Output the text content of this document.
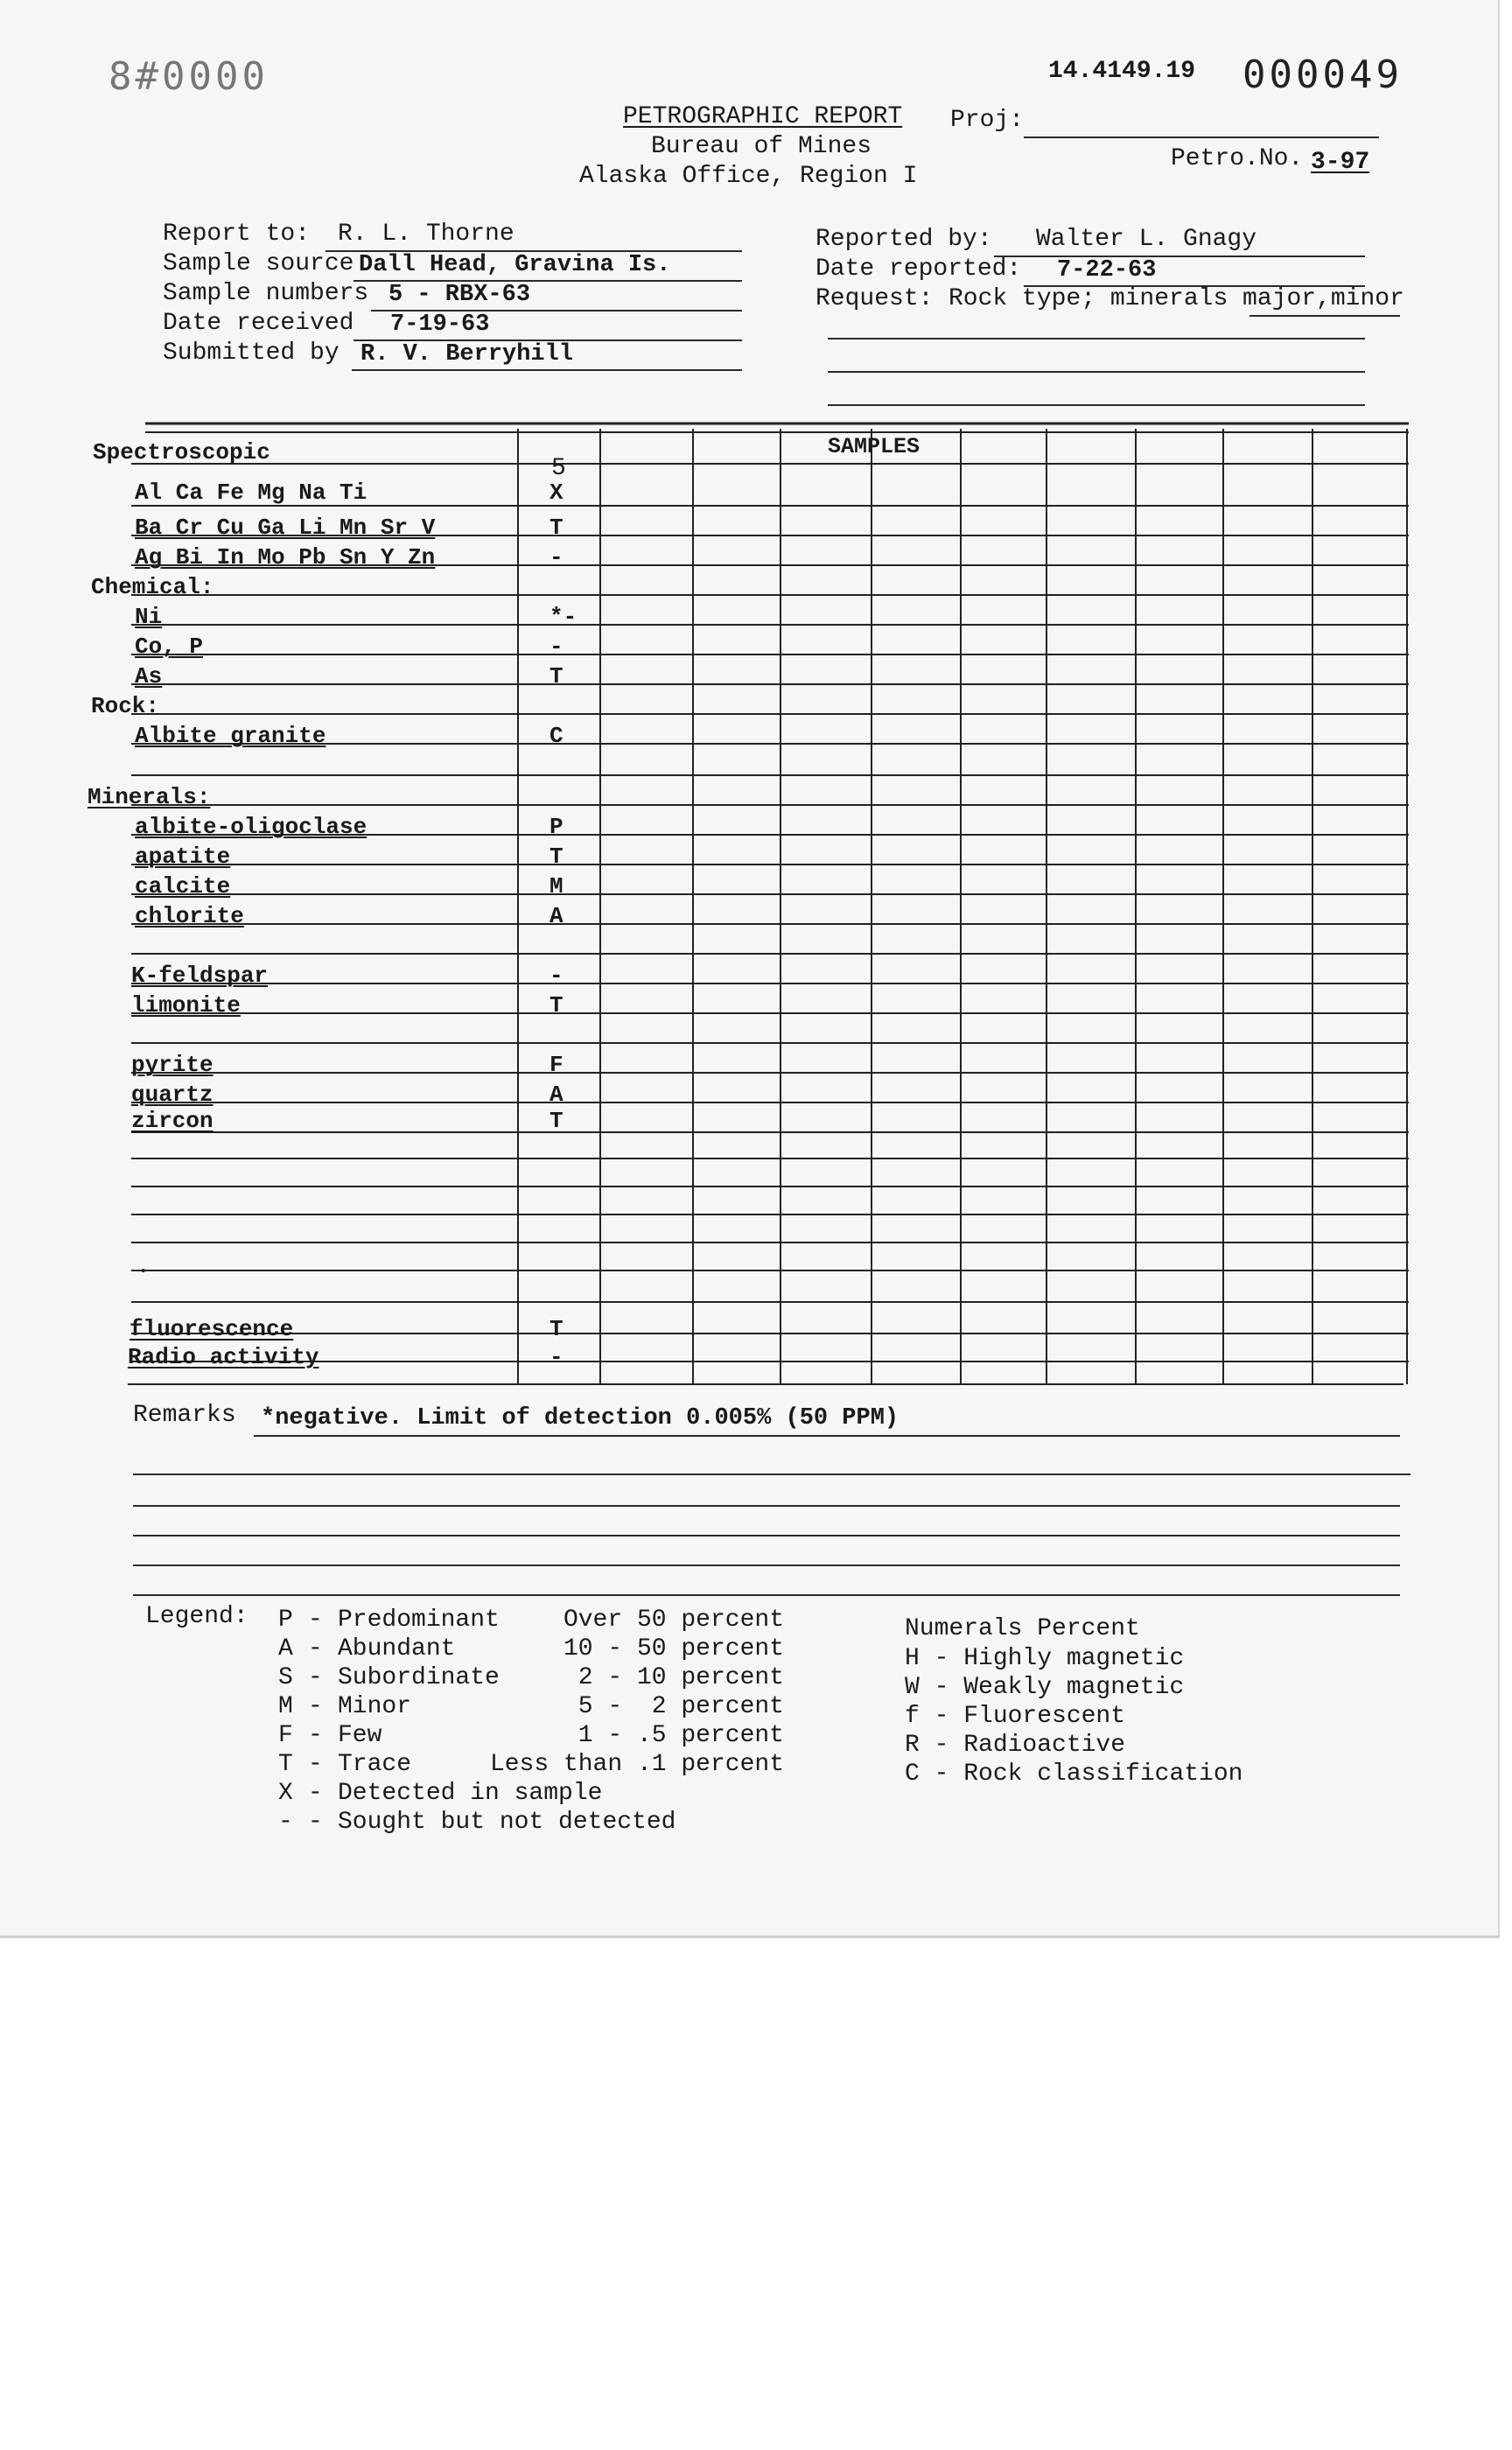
8#0000	14.4149.19 000049
PETROGRAPHIC REPORT
Bureau of Mines
Alaska Office, Region I
Proj:
Petro.No. 3-97
Report to: R. L. Thorne
Sample source Dall Head, Gravina Is.
Sample numbers 5 - RBX-63
Date received 7-19-63
Submitted by R. V. Berryhill
Reported by: Walter L. Gnagy
Date reported: 7-22-63
Request: Rock type; minerals major,minor
SAMPLES
5
Spectroscopic
Al Ca Fe Mg Na Ti	X
Ba Cr Cu Ga Li Mn Sr V	T
Ag Bi In Mo Pb Sn Y Zn	-
Chemical:
Ni	*-
Co, P	-
As	T
Rock:
Albite granite	C
Minerals:
albite-oligoclase	P
apatite	T
calcite	M
chlorite	A
K-feldspar	-
limonite	T
pyrite	F
quartz	A
zircon	T
.
fluorescence	T
Radio activity	-
Remarks *negative. Limit of detection 0.005% (50 PPM)
Legend: P - Predominant	Over 50 percent
A - Abundant	10 - 50 percent
S - Subordinate	2 - 10 percent
M - Minor	5 -  2 percent
F - Few	1 - .5 percent
T - Trace	Less than .1 percent
X - Detected in sample
- - Sought but not detected
Numerals Percent
H - Highly magnetic
W - Weakly magnetic
f - Fluorescent
R - Radioactive
C - Rock classification
